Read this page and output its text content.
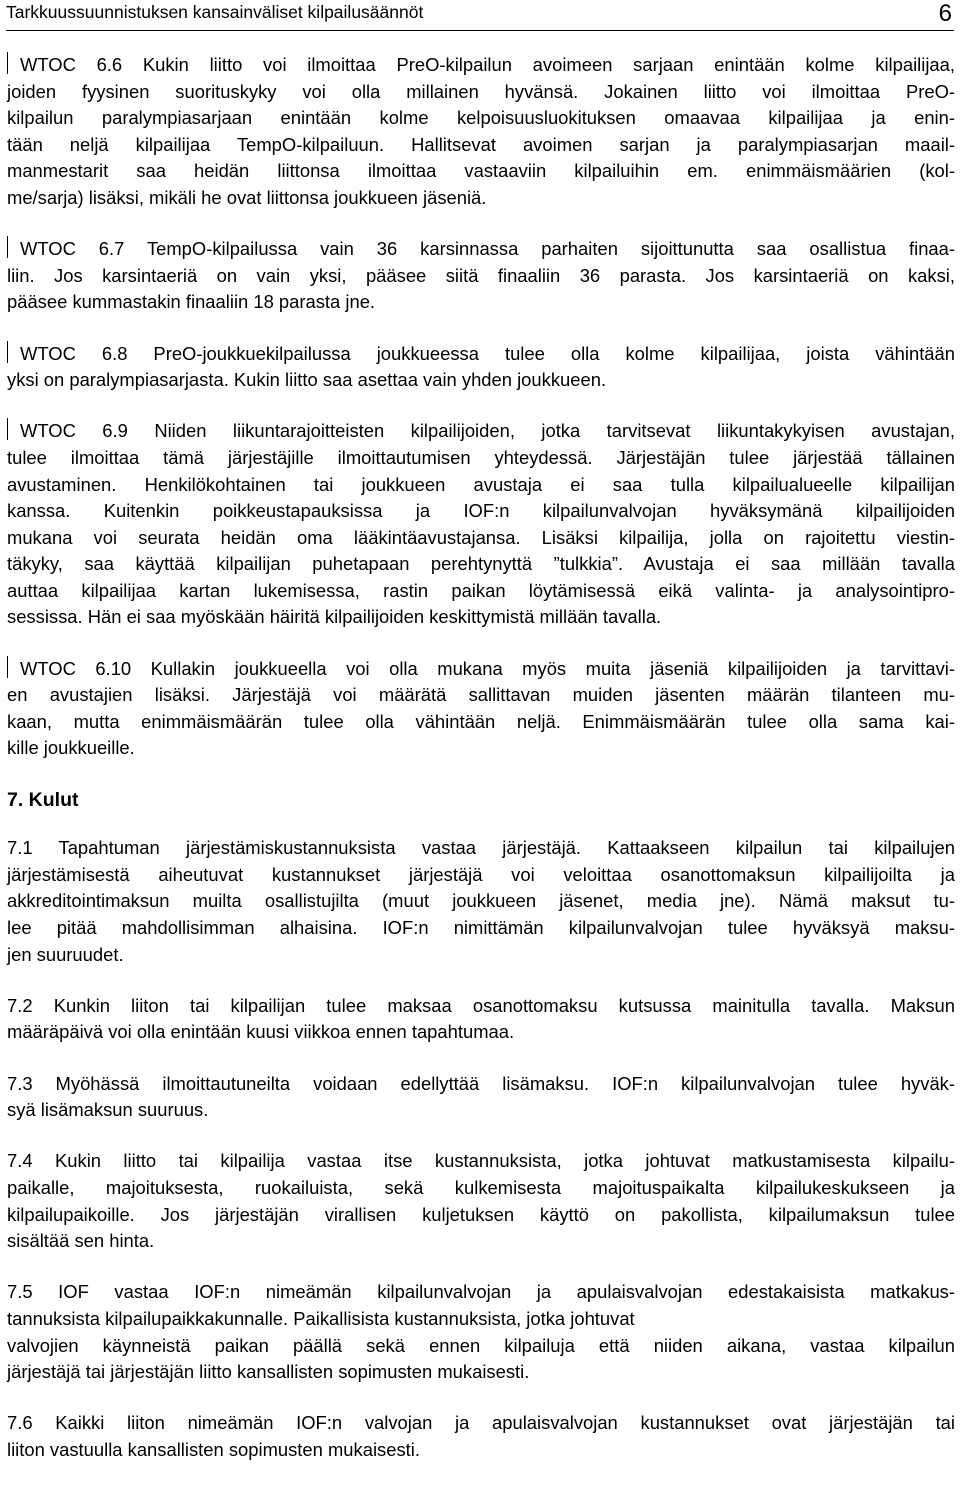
Tarkkuussuunnistuksen kansainväliset kilpailusäännöt	6

WTOC 6.6 Kukin liitto voi ilmoittaa PreO-kilpailun avoimeen sarjaan enintään kolme kilpailijaa,
joiden fyysinen suorituskyky voi olla millainen hyvänsä. Jokainen liitto voi ilmoittaa PreO-
kilpailun paralympiasarjaan enintään kolme kelpoisuusluokituksen omaavaa kilpailijaa ja enin-
tään neljä kilpailijaa TempO-kilpailuun. Hallitsevat avoimen sarjan ja paralympiasarjan maail-
manmestarit saa heidän liittonsa ilmoittaa vastaaviin kilpailuihin em. enimmäismäärien (kol-
me/sarja) lisäksi, mikäli he ovat liittonsa joukkueen jäseniä.

WTOC 6.7 TempO-kilpailussa vain 36 karsinnassa parhaiten sijoittunutta saa osallistua finaa-
liin. Jos karsintaeriä on vain yksi, pääsee siitä finaaliin 36 parasta. Jos karsintaeriä on kaksi,
pääsee kummastakin finaaliin 18 parasta jne.

WTOC 6.8 PreO-joukkuekilpailussa joukkueessa tulee olla kolme kilpailijaa, joista vähintään
yksi on paralympiasarjasta. Kukin liitto saa asettaa vain yhden joukkueen.

WTOC 6.9 Niiden liikuntarajoitteisten kilpailijoiden, jotka tarvitsevat liikuntakykyisen avustajan,
tulee ilmoittaa tämä järjestäjille ilmoittautumisen yhteydessä. Järjestäjän tulee järjestää tällainen
avustaminen. Henkilökohtainen tai joukkueen avustaja ei saa tulla kilpailualueelle kilpailijan
kanssa. Kuitenkin poikkeustapauksissa ja IOF:n kilpailunvalvojan hyväksymänä kilpailijoiden
mukana voi seurata heidän oma lääkintäavustajansa. Lisäksi kilpailija, jolla on rajoitettu viestin-
täkyky, saa käyttää kilpailijan puhetapaan perehtynyttä ”tulkkia”. Avustaja ei saa millään tavalla
auttaa kilpailijaa kartan lukemisessa, rastin paikan löytämisessä eikä valinta- ja analysointipro-
sessissa. Hän ei saa myöskään häiritä kilpailijoiden keskittymistä millään tavalla.

WTOC 6.10 Kullakin joukkueella voi olla mukana myös muita jäseniä kilpailijoiden ja tarvittavi-
en avustajien lisäksi. Järjestäjä voi määrätä sallittavan muiden jäsenten määrän tilanteen mu-
kaan, mutta enimmäismäärän tulee olla vähintään neljä. Enimmäismäärän tulee olla sama kai-
kille joukkueille.

7. Kulut

7.1 Tapahtuman järjestämiskustannuksista vastaa järjestäjä. Kattaakseen kilpailun tai kilpailujen
järjestämisestä aiheutuvat kustannukset järjestäjä voi veloittaa osanottomaksun kilpailijoilta ja
akkreditointimaksun muilta osallistujilta (muut joukkueen jäsenet, media jne). Nämä maksut tu-
lee pitää mahdollisimman alhaisina. IOF:n nimittämän kilpailunvalvojan tulee hyväksyä maksu-
jen suuruudet.

7.2 Kunkin liiton tai kilpailijan tulee maksaa osanottomaksu kutsussa mainitulla tavalla. Maksun
määräpäivä voi olla enintään kuusi viikkoa ennen tapahtumaa.

7.3 Myöhässä ilmoittautuneilta voidaan edellyttää lisämaksu. IOF:n kilpailunvalvojan tulee hyväk-
syä lisämaksun suuruus.

7.4 Kukin liitto tai kilpailija vastaa itse kustannuksista, jotka johtuvat matkustamisesta kilpailu-
paikalle, majoituksesta, ruokailuista, sekä kulkemisesta majoituspaikalta kilpailukeskukseen ja
kilpailupaikoille. Jos järjestäjän virallisen kuljetuksen käyttö on pakollista, kilpailumaksun tulee
sisältää sen hinta.

7.5 IOF vastaa IOF:n nimeämän kilpailunvalvojan ja apulaisvalvojan edestakaisista matkakus-
tannuksista kilpailupaikkakunnalle. Paikallisista kustannuksista, jotka johtuvat
valvojien käynneistä paikan päällä sekä ennen kilpailuja että niiden aikana, vastaa kilpailun
järjestäjä tai järjestäjän liitto kansallisten sopimusten mukaisesti.

7.6 Kaikki liiton nimeämän IOF:n valvojan ja apulaisvalvojan kustannukset ovat järjestäjän tai
liiton vastuulla kansallisten sopimusten mukaisesti.
